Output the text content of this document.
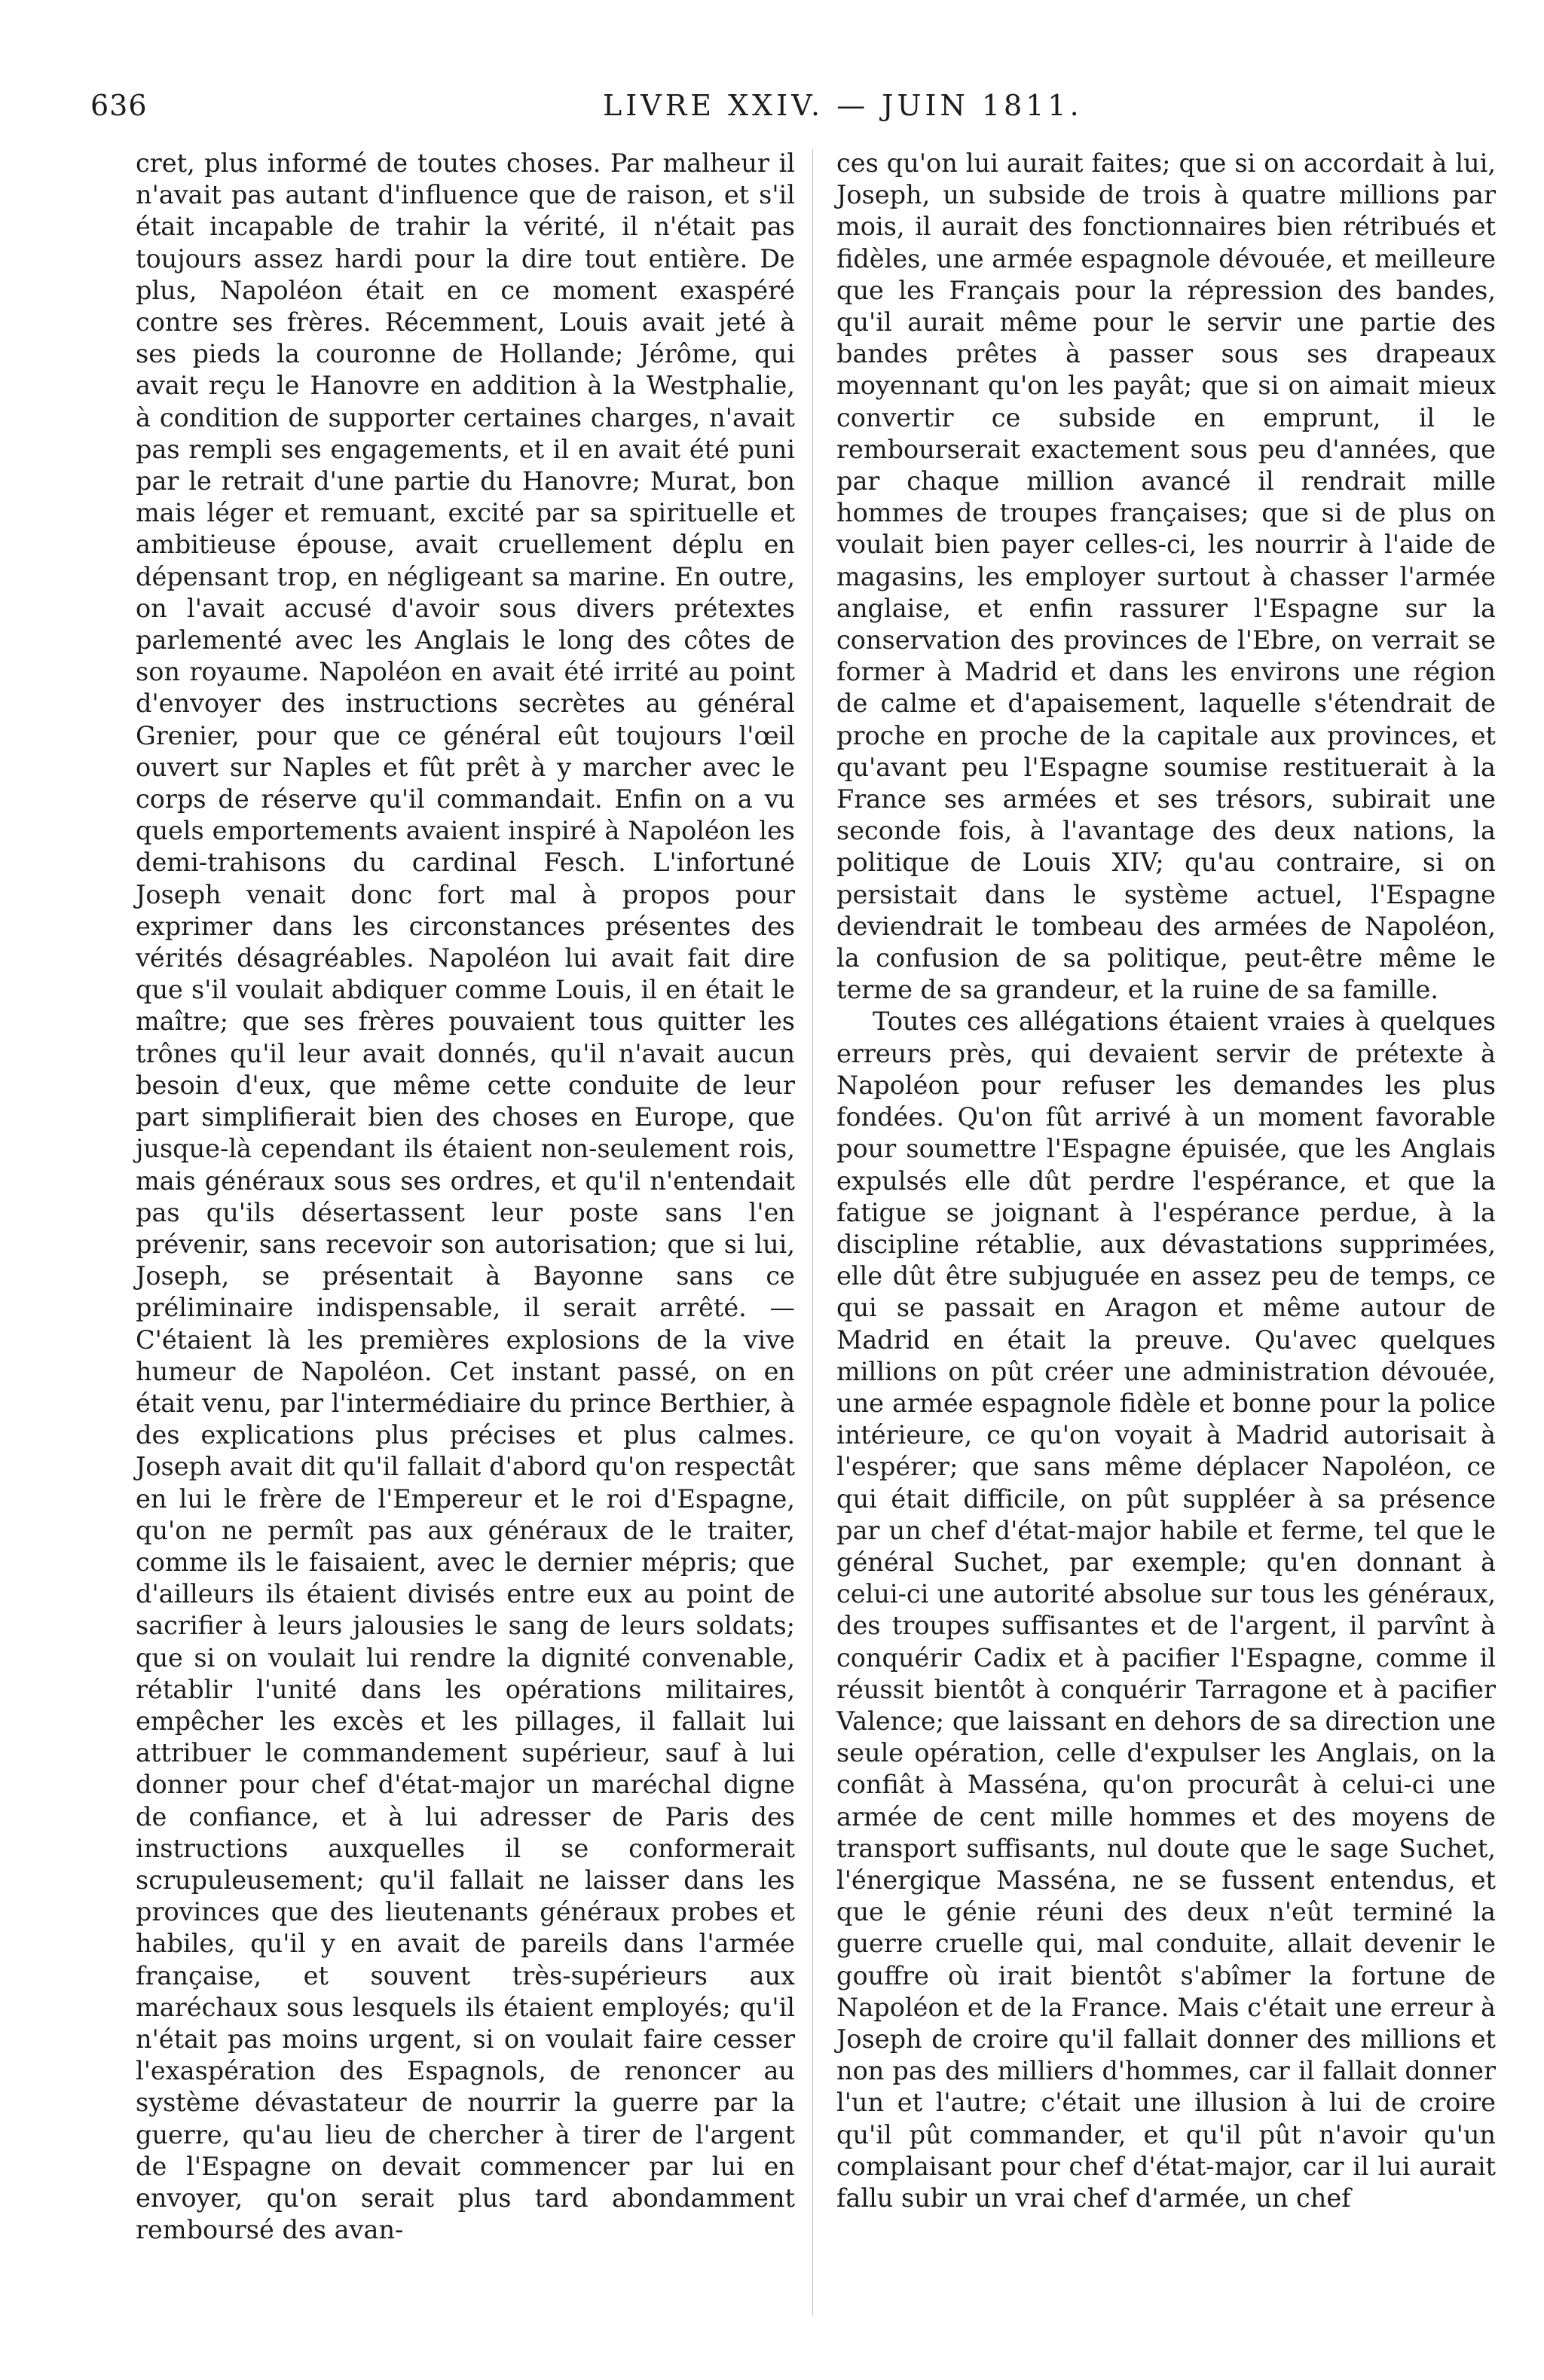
636	LIVRE XXIV. — JUIN 1811.

cret, plus informé de toutes choses. Par malheur il n'avait pas autant d'influence que de raison, et s'il était incapable de trahir la vérité, il n'était pas toujours assez hardi pour la dire tout entière. De plus, Napoléon était en ce moment exaspéré contre ses frères. Récemment, Louis avait jeté à ses pieds la couronne de Hollande; Jérôme, qui avait reçu le Hanovre en addition à la Westphalie, à condition de supporter certaines charges, n'avait pas rempli ses engagements, et il en avait été puni par le retrait d'une partie du Hanovre; Murat, bon mais léger et remuant, excité par sa spirituelle et ambitieuse épouse, avait cruellement déplu en dépensant trop, en négligeant sa marine. En outre, on l'avait accusé d'avoir sous divers prétextes parlementé avec les Anglais le long des côtes de son royaume. Napoléon en avait été irrité au point d'envoyer des instructions secrètes au général Grenier, pour que ce général eût toujours l'œil ouvert sur Naples et fût prêt à y marcher avec le corps de réserve qu'il commandait. Enfin on a vu quels emportements avaient inspiré à Napoléon les demi-trahisons du cardinal Fesch. L'infortuné Joseph venait donc fort mal à propos pour exprimer dans les circonstances présentes des vérités désagréables. Napoléon lui avait fait dire que s'il voulait abdiquer comme Louis, il en était le maître; que ses frères pouvaient tous quitter les trônes qu'il leur avait donnés, qu'il n'avait aucun besoin d'eux, que même cette conduite de leur part simplifierait bien des choses en Europe, que jusque-là cependant ils étaient non-seulement rois, mais généraux sous ses ordres, et qu'il n'entendait pas qu'ils désertassent leur poste sans l'en prévenir, sans recevoir son autorisation; que si lui, Joseph, se présentait à Bayonne sans ce préliminaire indispensable, il serait arrêté. — C'étaient là les premières explosions de la vive humeur de Napoléon. Cet instant passé, on en était venu, par l'intermédiaire du prince Berthier, à des explications plus précises et plus calmes. Joseph avait dit qu'il fallait d'abord qu'on respectât en lui le frère de l'Empereur et le roi d'Espagne, qu'on ne permît pas aux généraux de le traiter, comme ils le faisaient, avec le dernier mépris; que d'ailleurs ils étaient divisés entre eux au point de sacrifier à leurs jalousies le sang de leurs soldats; que si on voulait lui rendre la dignité convenable, rétablir l'unité dans les opérations militaires, empêcher les excès et les pillages, il fallait lui attribuer le commandement supérieur, sauf à lui donner pour chef d'état-major un maréchal digne de confiance, et à lui adresser de Paris des instructions auxquelles il se conformerait scrupuleusement; qu'il fallait ne laisser dans les provinces que des lieutenants généraux probes et habiles, qu'il y en avait de pareils dans l'armée française, et souvent très-supérieurs aux maréchaux sous lesquels ils étaient employés; qu'il n'était pas moins urgent, si on voulait faire cesser l'exaspération des Espagnols, de renoncer au système dévastateur de nourrir la guerre par la guerre, qu'au lieu de chercher à tirer de l'argent de l'Espagne on devait commencer par lui en envoyer, qu'on serait plus tard abondamment remboursé des avan-

ces qu'on lui aurait faites; que si on accordait à lui, Joseph, un subside de trois à quatre millions par mois, il aurait des fonctionnaires bien rétribués et fidèles, une armée espagnole dévouée, et meilleure que les Français pour la répression des bandes, qu'il aurait même pour le servir une partie des bandes prêtes à passer sous ses drapeaux moyennant qu'on les payât; que si on aimait mieux convertir ce subside en emprunt, il le rembourserait exactement sous peu d'années, que par chaque million avancé il rendrait mille hommes de troupes françaises; que si de plus on voulait bien payer celles-ci, les nourrir à l'aide de magasins, les employer surtout à chasser l'armée anglaise, et enfin rassurer l'Espagne sur la conservation des provinces de l'Ebre, on verrait se former à Madrid et dans les environs une région de calme et d'apaisement, laquelle s'étendrait de proche en proche de la capitale aux provinces, et qu'avant peu l'Espagne soumise restituerait à la France ses armées et ses trésors, subirait une seconde fois, à l'avantage des deux nations, la politique de Louis XIV; qu'au contraire, si on persistait dans le système actuel, l'Espagne deviendrait le tombeau des armées de Napoléon, la confusion de sa politique, peut-être même le terme de sa grandeur, et la ruine de sa famille.

Toutes ces allégations étaient vraies à quelques erreurs près, qui devaient servir de prétexte à Napoléon pour refuser les demandes les plus fondées. Qu'on fût arrivé à un moment favorable pour soumettre l'Espagne épuisée, que les Anglais expulsés elle dût perdre l'espérance, et que la fatigue se joignant à l'espérance perdue, à la discipline rétablie, aux dévastations supprimées, elle dût être subjuguée en assez peu de temps, ce qui se passait en Aragon et même autour de Madrid en était la preuve. Qu'avec quelques millions on pût créer une administration dévouée, une armée espagnole fidèle et bonne pour la police intérieure, ce qu'on voyait à Madrid autorisait à l'espérer; que sans même déplacer Napoléon, ce qui était difficile, on pût suppléer à sa présence par un chef d'état-major habile et ferme, tel que le général Suchet, par exemple; qu'en donnant à celui-ci une autorité absolue sur tous les généraux, des troupes suffisantes et de l'argent, il parvînt à conquérir Cadix et à pacifier l'Espagne, comme il réussit bientôt à conquérir Tarragone et à pacifier Valence; que laissant en dehors de sa direction une seule opération, celle d'expulser les Anglais, on la confiât à Masséna, qu'on procurât à celui-ci une armée de cent mille hommes et des moyens de transport suffisants, nul doute que le sage Suchet, l'énergique Masséna, ne se fussent entendus, et que le génie réuni des deux n'eût terminé la guerre cruelle qui, mal conduite, allait devenir le gouffre où irait bientôt s'abîmer la fortune de Napoléon et de la France. Mais c'était une erreur à Joseph de croire qu'il fallait donner des millions et non pas des milliers d'hommes, car il fallait donner l'un et l'autre; c'était une illusion à lui de croire qu'il pût commander, et qu'il pût n'avoir qu'un complaisant pour chef d'état-major, car il lui aurait fallu subir un vrai chef d'armée, un chef
